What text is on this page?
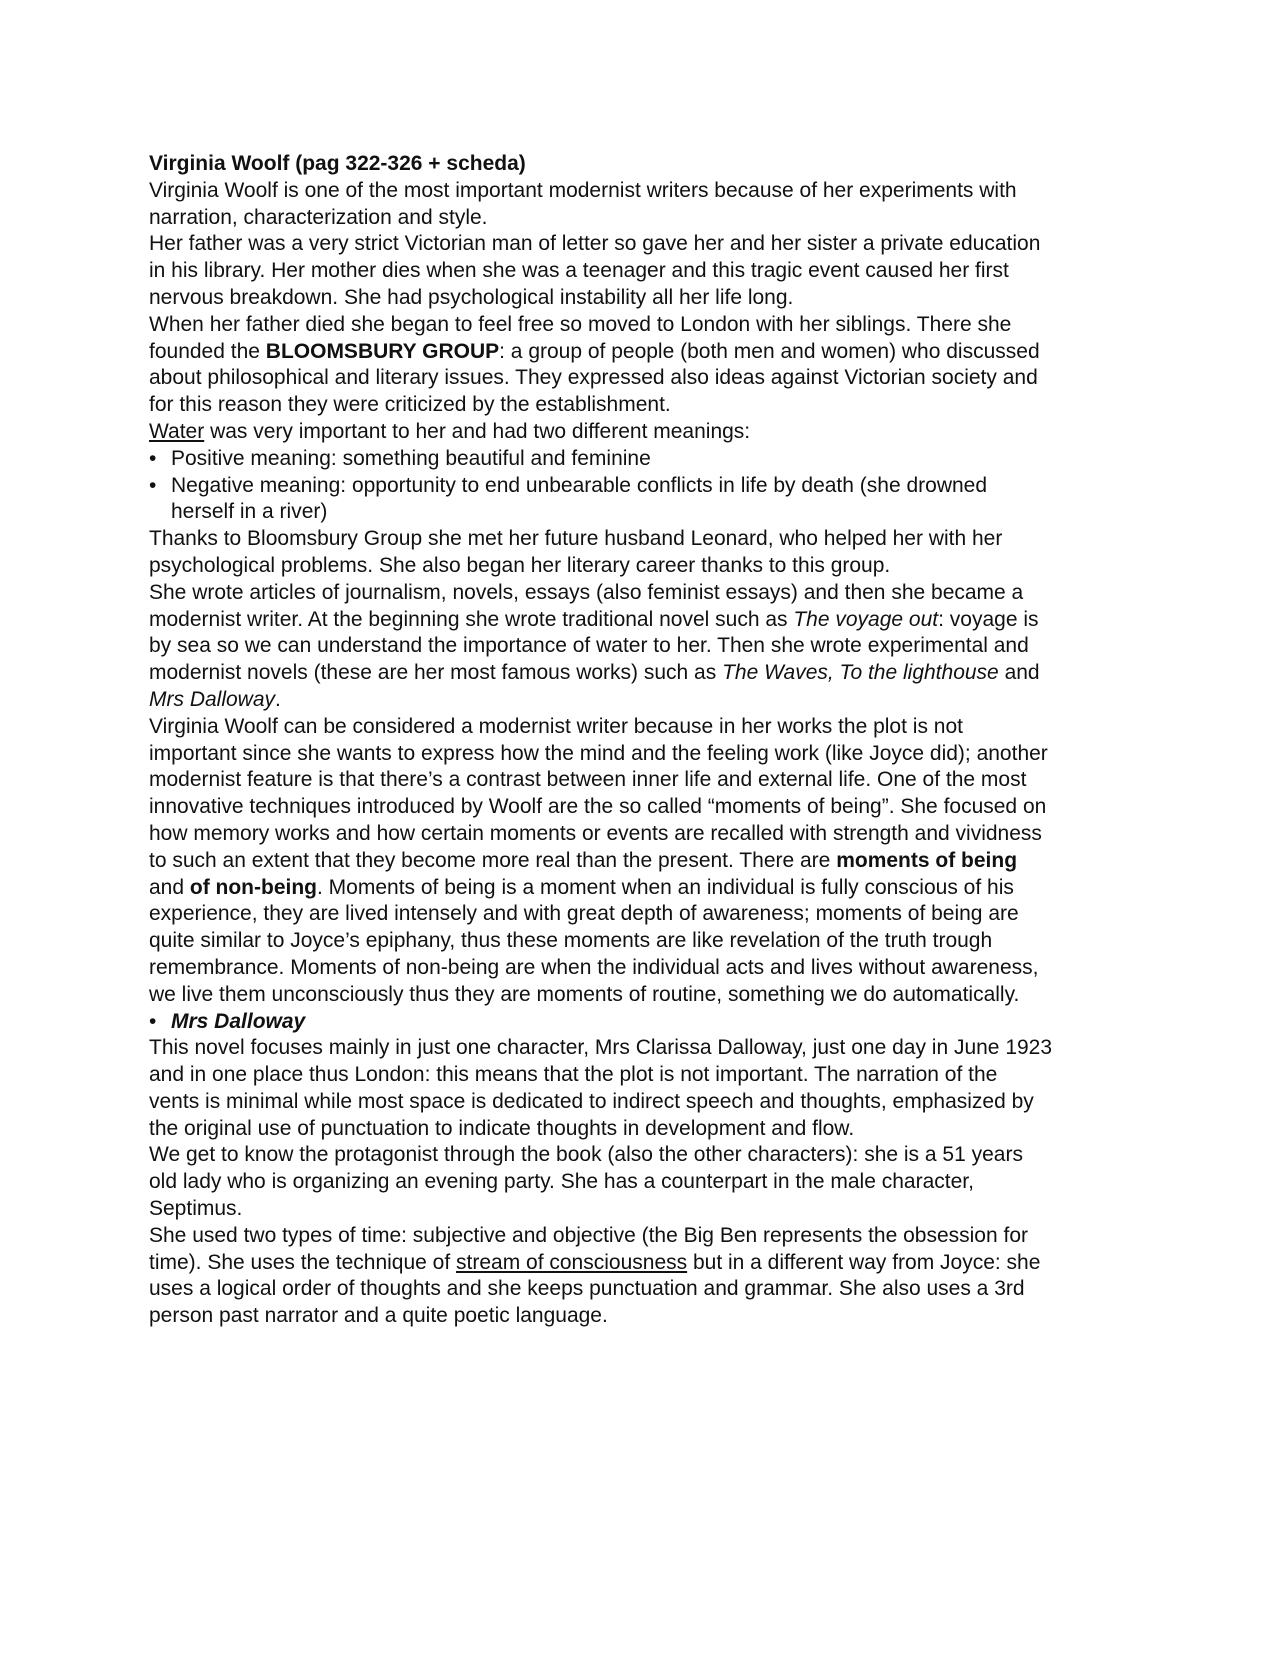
Virginia Woolf (pag 322-326 + scheda)
Virginia Woolf is one of the most important modernist writers because of her experiments with
narration, characterization and style.
Her father was a very strict Victorian man of letter so gave her and her sister a private education
in his library. Her mother dies when she was a teenager and this tragic event caused her first
nervous breakdown. She had psychological instability all her life long.
When her father died she began to feel free so moved to London with her siblings. There she
founded the BLOOMSBURY GROUP: a group of people (both men and women) who discussed
about philosophical and literary issues. They expressed also ideas against Victorian society and
for this reason they were criticized by the establishment.
Water was very important to her and had two different meanings:
• Positive meaning: something beautiful and feminine
• Negative meaning: opportunity to end unbearable conflicts in life by death (she drowned
herself in a river)
Thanks to Bloomsbury Group she met her future husband Leonard, who helped her with her
psychological problems. She also began her literary career thanks to this group.
She wrote articles of journalism, novels, essays (also feminist essays) and then she became a
modernist writer. At the beginning she wrote traditional novel such as The voyage out: voyage is
by sea so we can understand the importance of water to her. Then she wrote experimental and
modernist novels (these are her most famous works) such as The Waves, To the lighthouse and
Mrs Dalloway.
Virginia Woolf can be considered a modernist writer because in her works the plot is not
important since she wants to express how the mind and the feeling work (like Joyce did); another
modernist feature is that there’s a contrast between inner life and external life. One of the most
innovative techniques introduced by Woolf are the so called “moments of being”. She focused on
how memory works and how certain moments or events are recalled with strength and vividness
to such an extent that they become more real than the present. There are moments of being
and of non-being. Moments of being is a moment when an individual is fully conscious of his
experience, they are lived intensely and with great depth of awareness; moments of being are
quite similar to Joyce’s epiphany, thus these moments are like revelation of the truth trough
remembrance. Moments of non-being are when the individual acts and lives without awareness,
we live them unconsciously thus they are moments of routine, something we do automatically.
• Mrs Dalloway
This novel focuses mainly in just one character, Mrs Clarissa Dalloway, just one day in June 1923
and in one place thus London: this means that the plot is not important. The narration of the
vents is minimal while most space is dedicated to indirect speech and thoughts, emphasized by
the original use of punctuation to indicate thoughts in development and flow.
We get to know the protagonist through the book (also the other characters): she is a 51 years
old lady who is organizing an evening party. She has a counterpart in the male character,
Septimus.
She used two types of time: subjective and objective (the Big Ben represents the obsession for
time). She uses the technique of stream of consciousness but in a different way from Joyce: she
uses a logical order of thoughts and she keeps punctuation and grammar. She also uses a 3rd
person past narrator and a quite poetic language.
